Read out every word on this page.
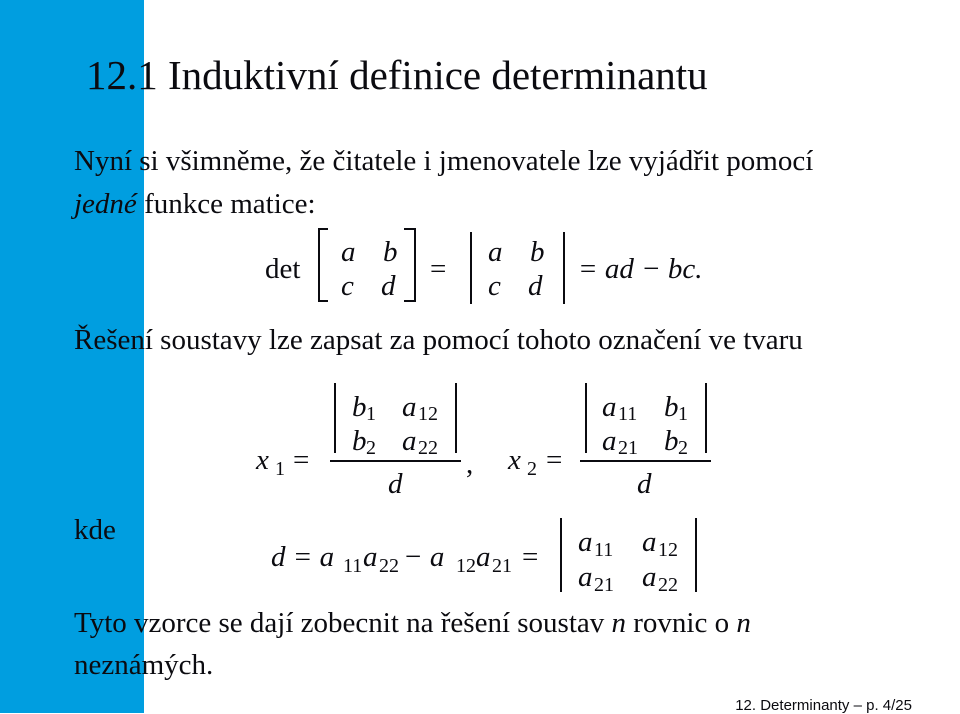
12.1 Induktivní definice determinantu
Nyní si všimněme, že čitatele i jmenovatele lze vyjádřit pomocí
jedné funkce matice:
det
a b
c d
=
a b
c d
= ad − bc.
Řešení soustavy lze zapsat za pomocí tohoto označení ve tvaru
x 1 =
b 1 a 12
b 2 a 22
d
, x 2 =
a 11 b 1
a 21 b 2
d
kde
d = a 11 a 22 − a 12 a 21 = a 11 a 12
a 21 a 22
Tyto vzorce se dají zobecnit na řešení soustav n rovnic o n
neznámých.
12. Determinanty – p. 4/25
